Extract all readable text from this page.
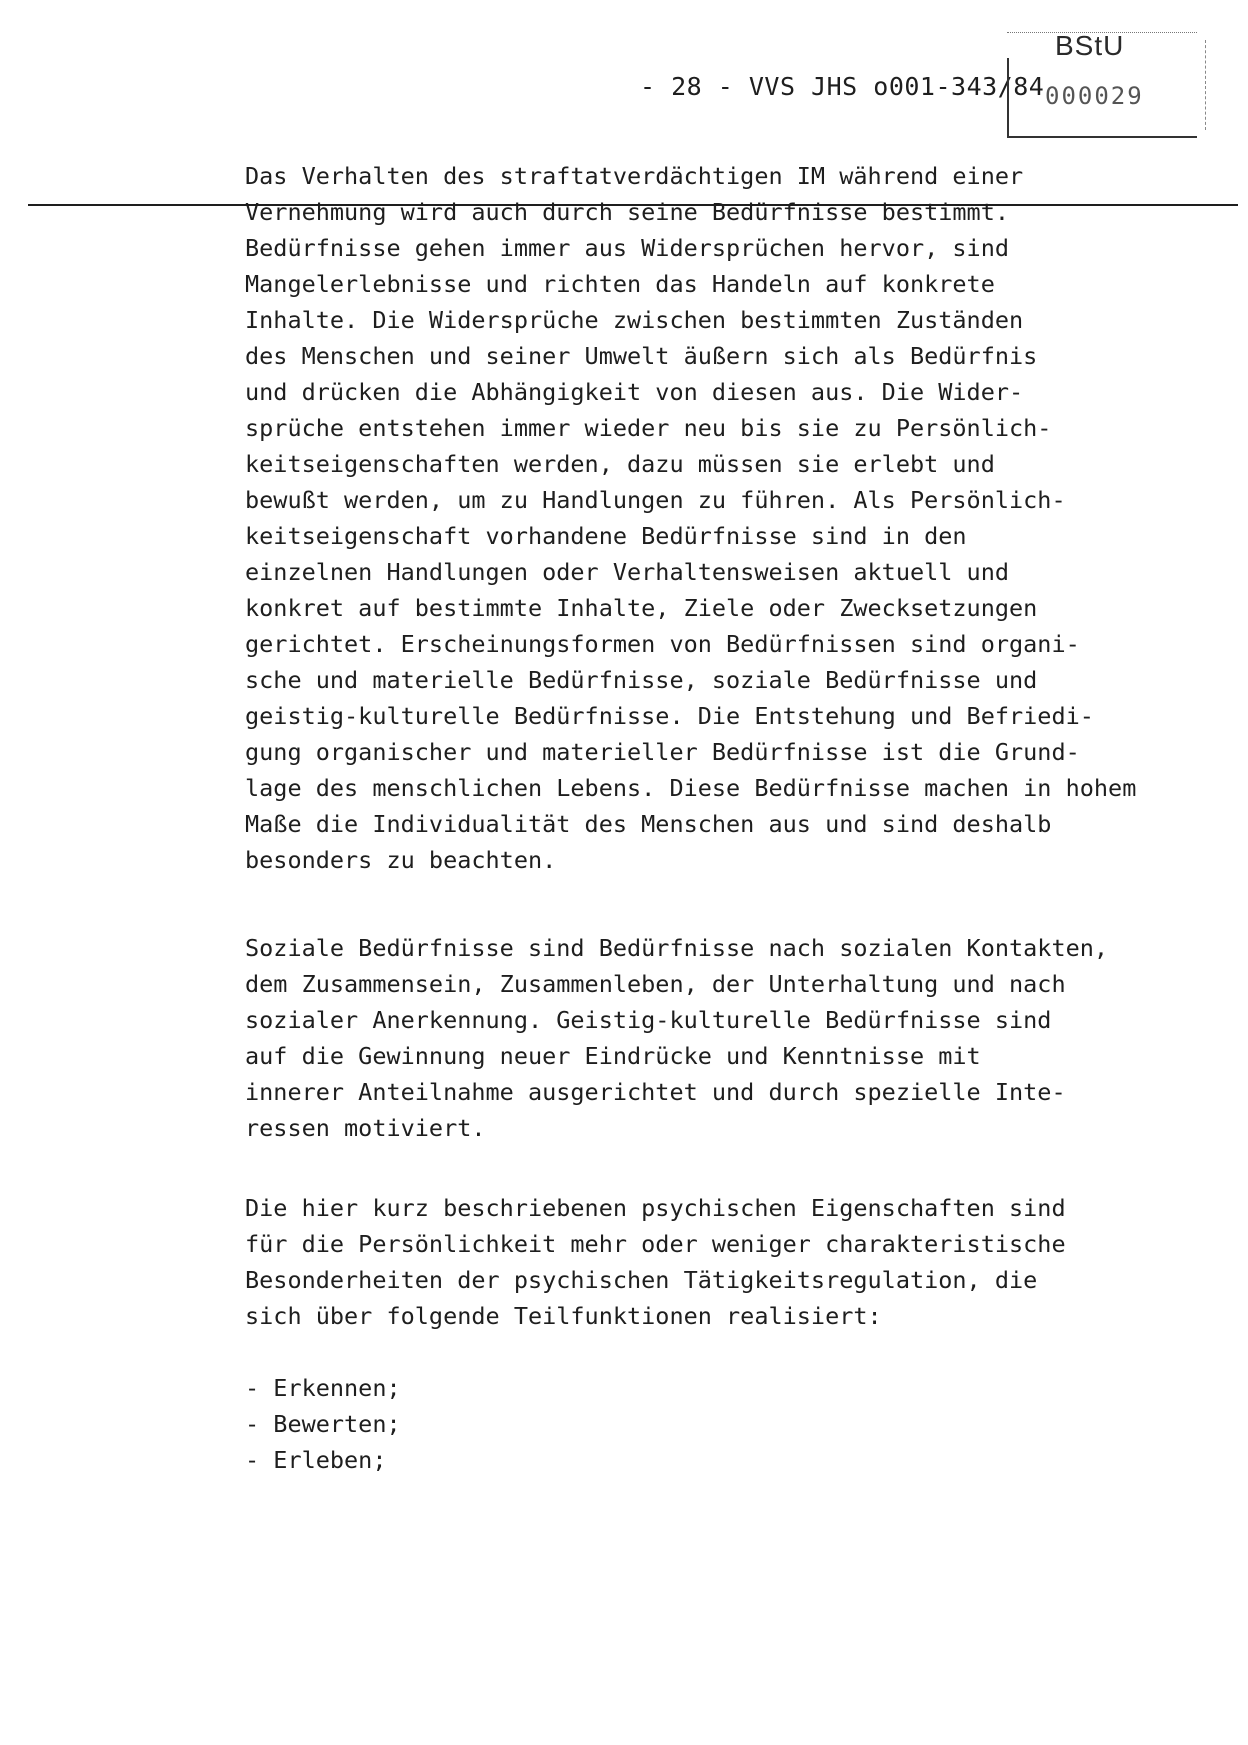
- 28 - VVS JHS o001-343/84
BStU
000029
Das Verhalten des straftatverdächtigen IM während einer
Vernehmung wird auch durch seine Bedürfnisse bestimmt.
Bedürfnisse gehen immer aus Widersprüchen hervor, sind
Mangelerlebnisse und richten das Handeln auf konkrete
Inhalte. Die Widersprüche zwischen bestimmten Zuständen
des Menschen und seiner Umwelt äußern sich als Bedürfnis
und drücken die Abhängigkeit von diesen aus. Die Wider-
sprüche entstehen immer wieder neu bis sie zu Persönlich-
keitseigenschaften werden, dazu müssen sie erlebt und
bewußt werden, um zu Handlungen zu führen. Als Persönlich-
keitseigenschaft vorhandene Bedürfnisse sind in den
einzelnen Handlungen oder Verhaltensweisen aktuell und
konkret auf bestimmte Inhalte, Ziele oder Zwecksetzungen
gerichtet. Erscheinungsformen von Bedürfnissen sind organi-
sche und materielle Bedürfnisse, soziale Bedürfnisse und
geistig-kulturelle Bedürfnisse. Die Entstehung und Befriedi-
gung organischer und materieller Bedürfnisse ist die Grund-
lage des menschlichen Lebens. Diese Bedürfnisse machen in hohem
Maße die Individualität des Menschen aus und sind deshalb
besonders zu beachten.
Soziale Bedürfnisse sind Bedürfnisse nach sozialen Kontakten,
dem Zusammensein, Zusammenleben, der Unterhaltung und nach
sozialer Anerkennung. Geistig-kulturelle Bedürfnisse sind
auf die Gewinnung neuer Eindrücke und Kenntnisse mit
innerer Anteilnahme ausgerichtet und durch spezielle Inte-
ressen motiviert.
Die hier kurz beschriebenen psychischen Eigenschaften sind
für die Persönlichkeit mehr oder weniger charakteristische
Besonderheiten der psychischen Tätigkeitsregulation, die
sich über folgende Teilfunktionen realisiert:
- Erkennen;
- Bewerten;
- Erleben;
